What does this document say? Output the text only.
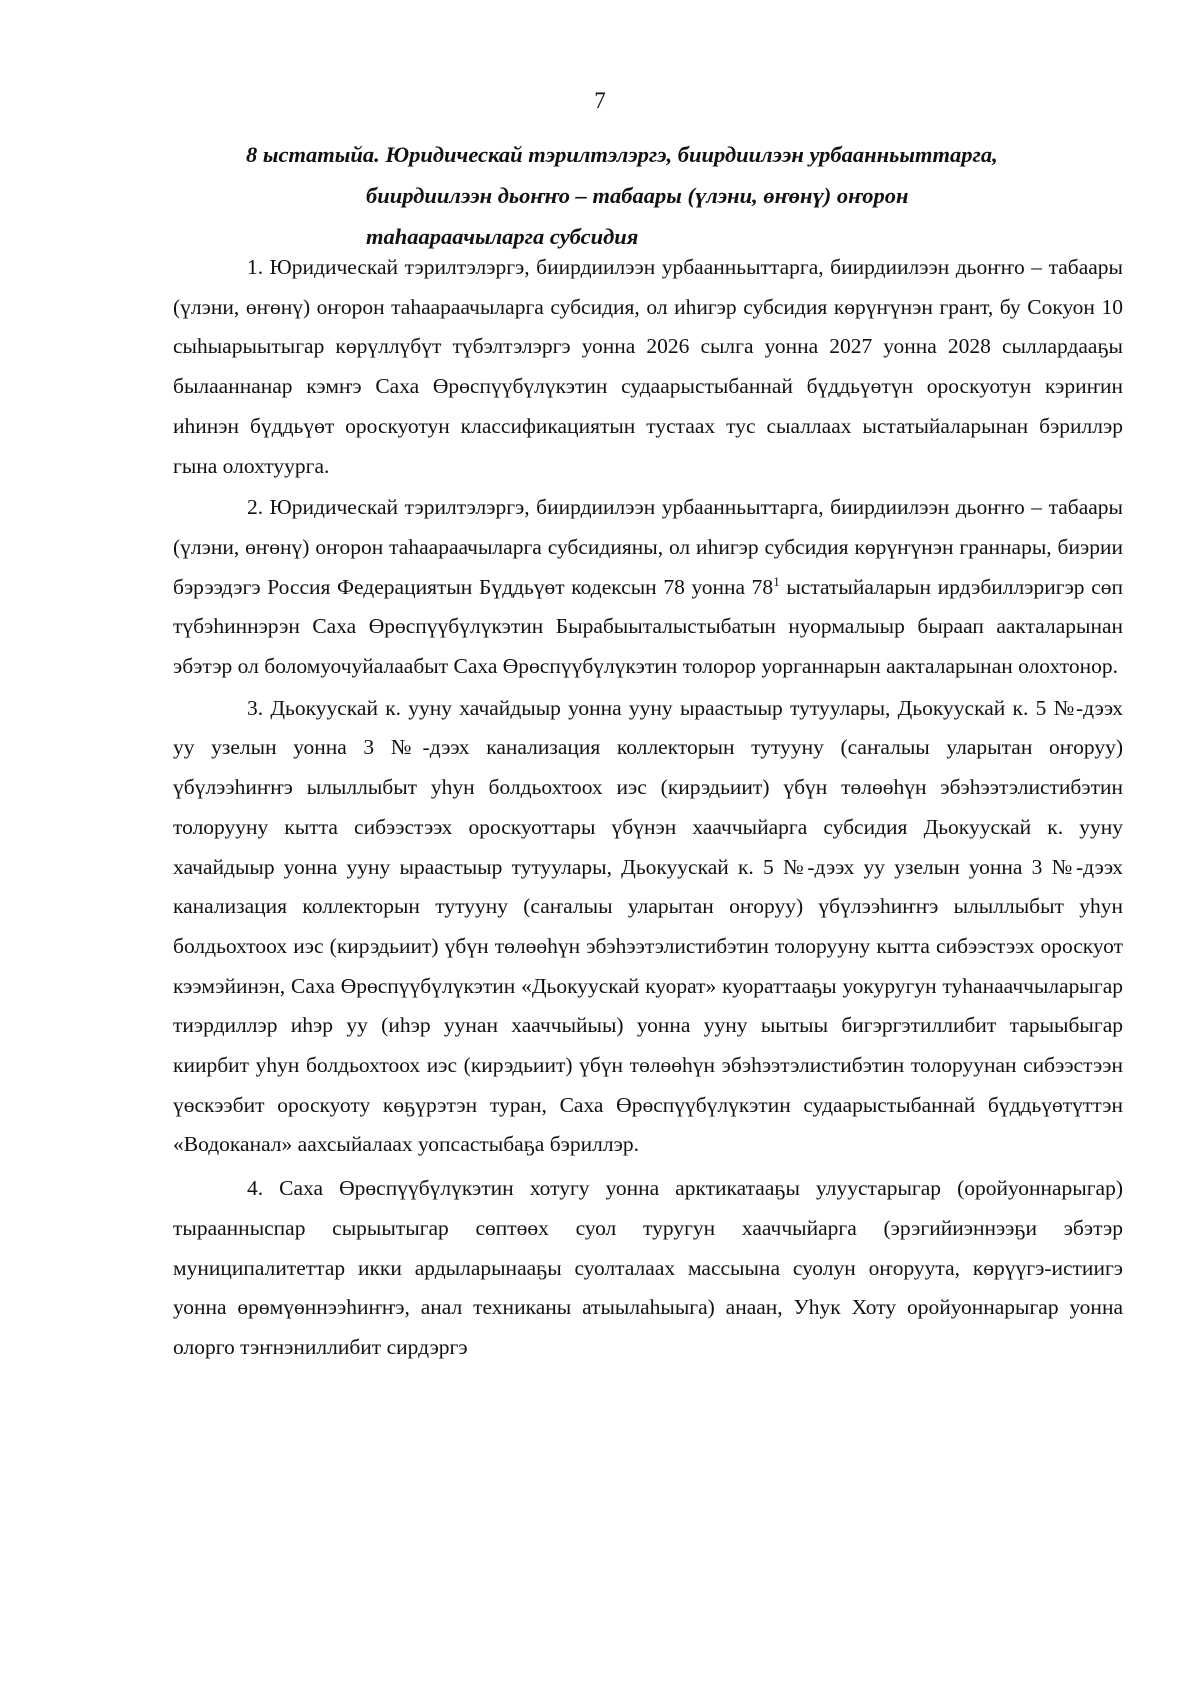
7
8 ыстатыйа. Юридическай тэрилтэлэргэ, биирдиилээн урбаанньыттарга,
биирдиилээн дьоҥҥо – табаары (үлэни, өҥөнү) оҥорон
таһаараачыларга субсидия

1. Юридическай тэрилтэлэргэ, биирдиилээн урбаанньыттарга, биирдиилээн дьоҥҥо – табаары (үлэни, өҥөнү) оҥорон таһаараачыларга субсидия, ол иһигэр субсидия көрүҥүнэн грант, бу Сокуон 10 сыһыарыытыгар көрүллүбүт түбэлтэлэргэ уонна 2026 сылга уонна 2027 уонна 2028 сыллардааҕы былааннанар кэмҥэ Саха Өрөспүүбүлүкэтин судаарыстыбаннай бүддьүөтүн ороскуотун кэриҥин иһинэн бүддьүөт ороскуотун классификациятын тустаах тус сыаллаах ыстатыйаларынан бэриллэр гына олохтуурга.

2. Юридическай тэрилтэлэргэ, биирдиилээн урбаанньыттарга, биирдиилээн дьоҥҥо – табаары (үлэни, өҥөнү) оҥорон таһаараачыларга субсидияны, ол иһигэр субсидия көрүҥүнэн граннары, биэрии бэрээдэгэ Россия Федерациятын Бүддьүөт кодексын 78 уонна $78^1$ ыстатыйаларын ирдэбиллэригэр сөп түбэһиннэрэн Саха Өрөспүүбүлүкэтин Бырабыыталыстыбатын нуормалыыр быраап аакталарынан эбэтэр ол боломуочуйалаабыт Саха Өрөспүүбүлүкэтин толорор уорганнарын аакталарынан олохтонор.

3. Дьокуускай к. ууну хачайдыыр уонна ууну ыраастыыр тутуулары, Дьокуускай к. 5 №-дээх уу узелын уонна 3 №-дээх канализация коллекторын тутууну (саҥалыы уларытан оҥоруу) үбүлээһиҥҥэ ылыллыбыт уһун болдьохтоох иэс (кирэдьиит) үбүн төлөөһүн эбэһээтэлистибэтин толорууну кытта сибээстээх ороскуоттары үбүнэн хааччыйарга субсидия Дьокуускай к. ууну хачайдыыр уонна ууну ыраастыыр тутуулары, Дьокуускай к. 5 №-дээх уу узелын уонна 3 №-дээх канализация коллекторын тутууну (саҥалыы уларытан оҥоруу) үбүлээһиҥҥэ ылыллыбыт уһун болдьохтоох иэс (кирэдьиит) үбүн төлөөһүн эбэһээтэлистибэтин толорууну кытта сибээстээх ороскуот кээмэйинэн, Саха Өрөспүүбүлүкэтин «Дьокуускай куорат» куораттааҕы уокуругун туһанааччыларыгар тиэрдиллэр иһэр уу (иһэр уунан хааччыйыы) уонна ууну ыытыы бигэргэтиллибит тарыыбыгар киирбит уһун болдьохтоох иэс (кирэдьиит) үбүн төлөөһүн эбэһээтэлистибэтин толоруунан сибээстээн үөскээбит ороскуоту көҕүрэтэн туран, Саха Өрөспүүбүлүкэтин судаарыстыбаннай бүддьүөтүттэн «Водоканал» аахсыйалаах уопсастыбаҕа бэриллэр.

4. Саха Өрөспүүбүлүкэтин хотугу уонна арктикатааҕы улуустарыгар (оройуоннарыгар) тыраанныспар сырыытыгар сөптөөх суол туругун хааччыйарга (эрэгийиэннээҕи эбэтэр муниципалитеттар икки ардыларынааҕы суолталаах массыына суолун оҥоруута, көрүүгэ-истиигэ уонна өрөмүөннээһиҥҥэ, анал техниканы атыылаһыыга) анаан, Уһук Хоту оройуоннарыгар уонна олорго тэҥнэниллибит сирдэргэ
